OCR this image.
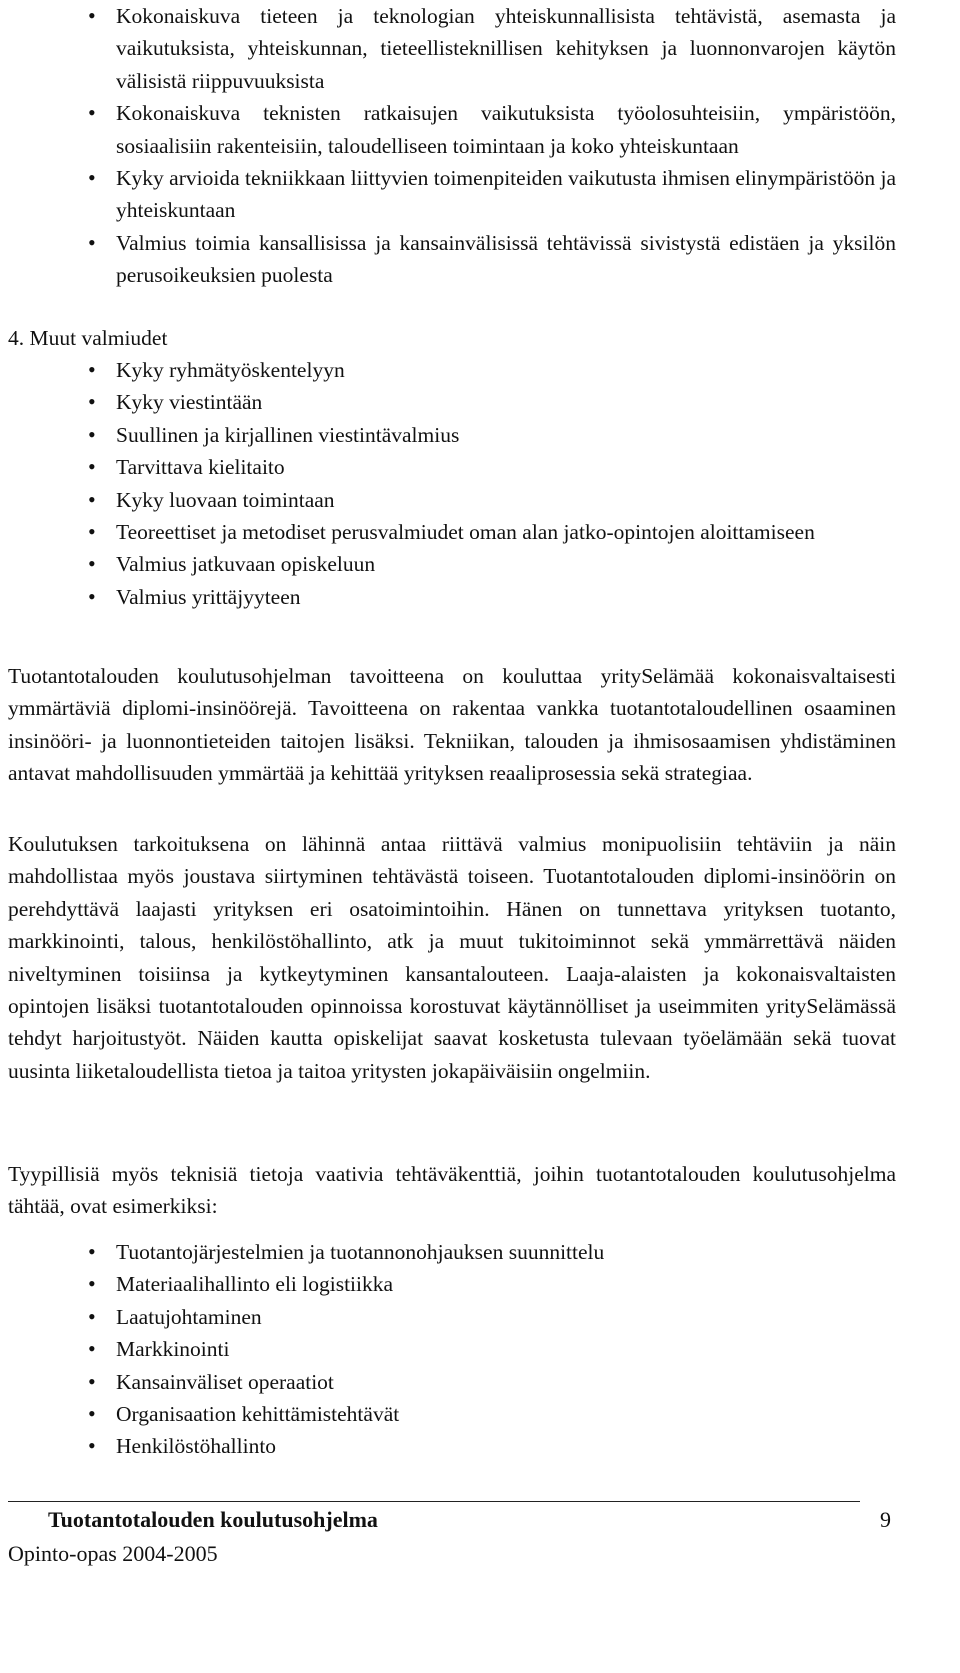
• Kokonaiskuva tieteen ja teknologian yhteiskunnallisista tehtävistä, asemasta ja vaikutuksista, yhteiskunnan, tieteellisteknillisen kehityksen ja luonnonvarojen käytön välisistä riippuvuuksista
• Kokonaiskuva teknisten ratkaisujen vaikutuksista työolosuhteisiin, ympäristöön, sosiaalisiin rakenteisiin, taloudelliseen toimintaan ja koko yhteiskuntaan
• Kyky arvioida tekniikkaan liittyvien toimenpiteiden vaikutusta ihmisen elinympäristöön ja yhteiskuntaan
• Valmius toimia kansallisissa ja kansainvälisissä tehtävissä sivistystä edistäen ja yksilön perusoikeuksien puolesta
4. Muut valmiudet
• Kyky ryhmätyöskentelyyn
• Kyky viestintään
• Suullinen ja kirjallinen viestintävalmius
• Tarvittava kielitaito
• Kyky luovaan toimintaan
• Teoreettiset ja metodiset perusvalmiudet oman alan jatko-opintojen aloittamiseen
• Valmius jatkuvaan opiskeluun
• Valmius yrittäjyyteen

Tuotantotalouden koulutusohjelman tavoitteena on kouluttaa yritySelämää kokonaisvaltaisesti ymmärtäviä diplomi-insinöörejä. Tavoitteena on rakentaa vankka tuotantotaloudellinen osaaminen insinööri- ja luonnontieteiden taitojen lisäksi. Tekniikan, talouden ja ihmisosaamisen yhdistäminen antavat mahdollisuuden ymmärtää ja kehittää yrityksen reaaliprosessia sekä strategiaa.

Koulutuksen tarkoituksena on lähinnä antaa riittävä valmius monipuolisiin tehtäviin ja näin mahdollistaa myös joustava siirtyminen tehtävästä toiseen. Tuotantotalouden diplomi-insinöörin on perehdyttävä laajasti yrityksen eri osatoimintoihin. Hänen on tunnettava yrityksen tuotanto, markkinointi, talous, henkilöstöhallinto, atk ja muut tukitoiminnot sekä ymmärrettävä näiden niveltyminen toisiinsa ja kytkeytyminen kansantalouteen. Laaja-alaisten ja kokonaisvaltaisten opintojen lisäksi tuotantotalouden opinnoissa korostuvat käytännölliset ja useimmiten yritySelämässä tehdyt harjoitustyöt. Näiden kautta opiskelijat saavat kosketusta tulevaan työelämään sekä tuovat uusinta liiketaloudellista tietoa ja taitoa yritysten jokapäiväisiin ongelmiin.

Tyypillisiä myös teknisiä tietoja vaativia tehtäväkenttiä, joihin tuotantotalouden koulutusohjelma tähtää, ovat esimerkiksi:

• Tuotantojärjestelmien ja tuotannonohjauksen suunnittelu
• Materiaalihallinto eli logistiikka
• Laatujohtaminen
• Markkinointi
• Kansainväliset operaatiot
• Organisaation kehittämistehtävät
• Henkilöstöhallinto
Tuotantotalouden koulutusohjelma
Opinto-opas 2004-2005
9
